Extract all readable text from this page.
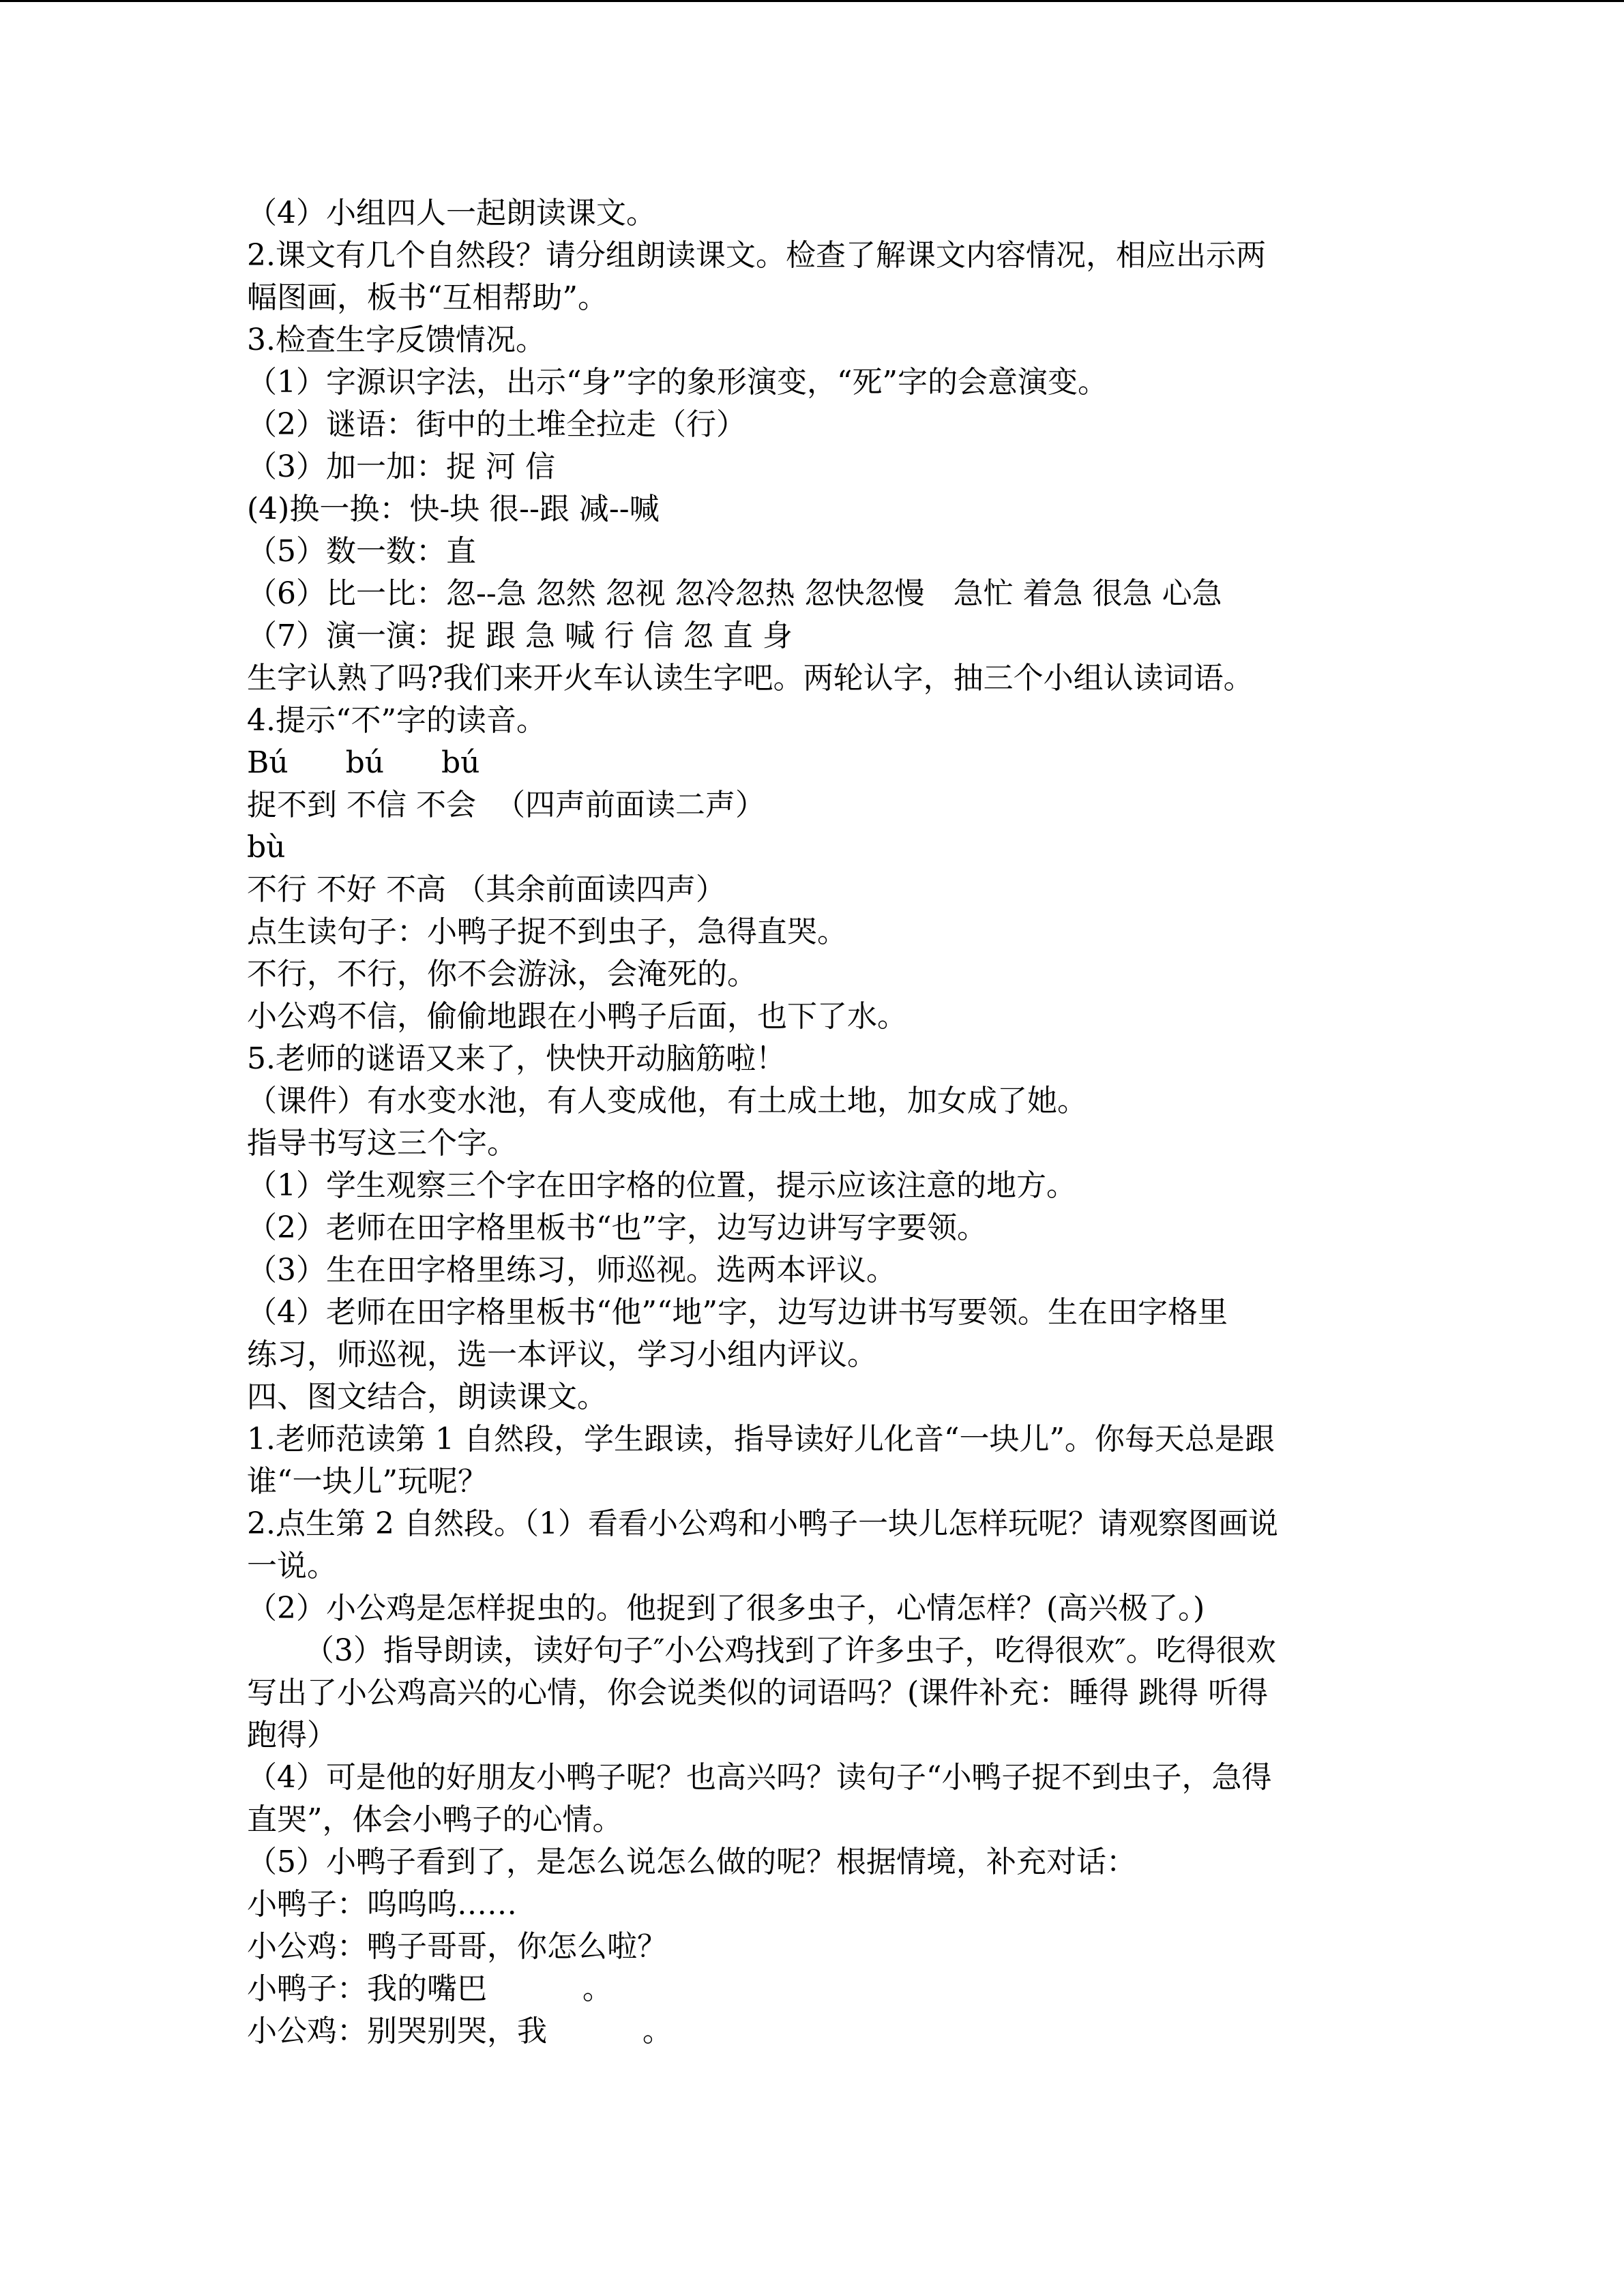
（4）小组四人一起朗读课文。
2.课文有几个自然段？请分组朗读课文。检查了解课文内容情况，相应出示两
幅图画，板书“互相帮助”。
3.检查生字反馈情况。
（1）字源识字法，出示“身”字的象形演变，“死”字的会意演变。
（2）谜语：街中的土堆全拉走（行）
（3）加一加：捉 河 信
(4)换一换：快-块 很--跟 减--喊
（5）数一数：直
（6）比一比：忽--急 忽然 忽视 忽冷忽热 忽快忽慢   急忙 着急 很急 心急
（7）演一演：捉 跟 急 喊 行 信 忽 直 身
生字认熟了吗?我们来开火车认读生字吧。两轮认字，抽三个小组认读词语。
4.提示“不”字的读音。
Bú      bú      bú
捉不到 不信 不会  （四声前面读二声）
bù
不行 不好 不高 （其余前面读四声）
点生读句子：小鸭子捉不到虫子，急得直哭。
不行，不行，你不会游泳，会淹死的。
小公鸡不信，偷偷地跟在小鸭子后面，也下了水。
5.老师的谜语又来了，快快开动脑筋啦！
（课件）有水变水池，有人变成他，有土成土地，加女成了她。
指导书写这三个字。
（1）学生观察三个字在田字格的位置，提示应该注意的地方。
（2）老师在田字格里板书“也”字，边写边讲写字要领。
（3）生在田字格里练习，师巡视。选两本评议。
（4）老师在田字格里板书“他”“地”字，边写边讲书写要领。生在田字格里
练习，师巡视，选一本评议，学习小组内评议。
四、图文结合，朗读课文。
1.老师范读第 1 自然段，学生跟读，指导读好儿化音“一块儿”。你每天总是跟
谁“一块儿”玩呢？
2.点生第 2 自然段。（1）看看小公鸡和小鸭子一块儿怎样玩呢？请观察图画说
一说。
（2）小公鸡是怎样捉虫的。他捉到了很多虫子，心情怎样？(高兴极了。)
（3）指导朗读，读好句子″小公鸡找到了许多虫子，吃得很欢″。吃得很欢
写出了小公鸡高兴的心情，你会说类似的词语吗？(课件补充：睡得 跳得 听得
跑得）
（4）可是他的好朋友小鸭子呢？也高兴吗？读句子“小鸭子捉不到虫子，急得
直哭”，体会小鸭子的心情。
（5）小鸭子看到了，是怎么说怎么做的呢？根据情境，补充对话：
小鸭子：呜呜呜……
小公鸡：鸭子哥哥，你怎么啦？
小鸭子：我的嘴巴          。
小公鸡：别哭别哭，我          。
